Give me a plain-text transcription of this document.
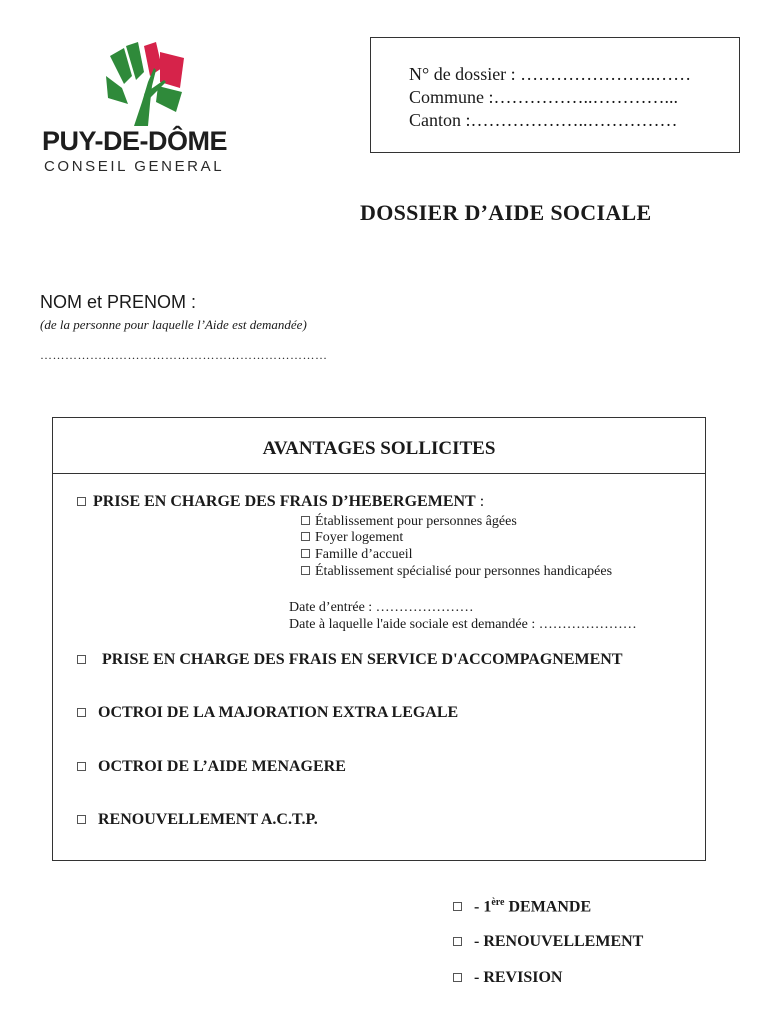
PUY-DE-DÔME
CONSEIL GENERAL
N° de dossier : …………………..……
Commune :……………..…………...
Canton :………………..……………
DOSSIER D’AIDE SOCIALE
NOM et PRENOM :
(de la personne pour laquelle l’Aide est demandée)
……………………………………………………………
AVANTAGES SOLLICITES
PRISE EN CHARGE DES FRAIS D’HEBERGEMENT :
Établissement pour personnes âgées
Foyer logement
Famille d’accueil
Établissement spécialisé pour personnes handicapées
Date d’entrée : …………………
Date à laquelle l'aide sociale est demandée : …………………
PRISE EN CHARGE DES FRAIS EN SERVICE D'ACCOMPAGNEMENT
OCTROI DE LA MAJORATION EXTRA LEGALE
OCTROI DE L’AIDE MENAGERE
RENOUVELLEMENT A.C.T.P.
- 1ère DEMANDE
- RENOUVELLEMENT
- REVISION
